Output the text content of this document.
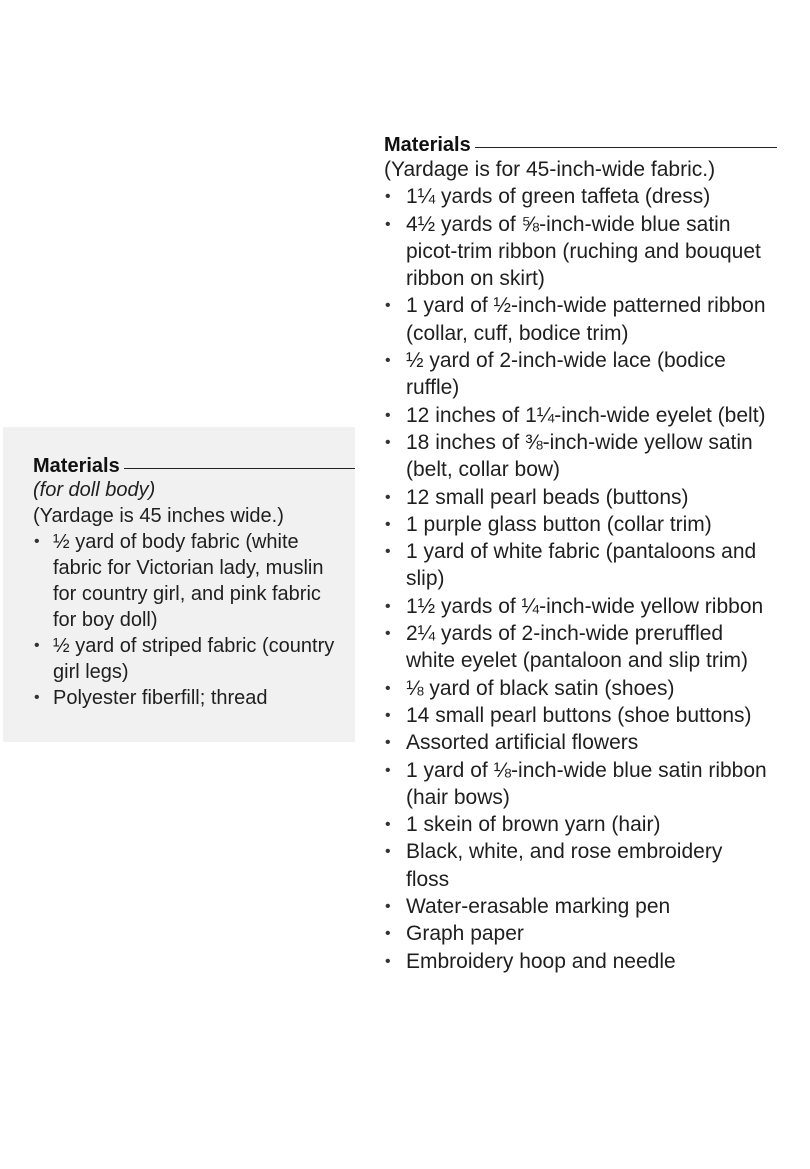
Materials
(for doll body)
(Yardage is 45 inches wide.)
• ½ yard of body fabric (white fabric for Victorian lady, muslin for country girl, and pink fabric for boy doll)
• ½ yard of striped fabric (country girl legs)
• Polyester fiberfill; thread
Materials
(Yardage is for 45-inch-wide fabric.)
• 1¼ yards of green taffeta (dress)
• 4½ yards of ⅝-inch-wide blue satin picot-trim ribbon (ruching and bouquet ribbon on skirt)
• 1 yard of ½-inch-wide patterned ribbon (collar, cuff, bodice trim)
• ½ yard of 2-inch-wide lace (bodice ruffle)
• 12 inches of 1¼-inch-wide eyelet (belt)
• 18 inches of ⅜-inch-wide yellow satin (belt, collar bow)
• 12 small pearl beads (buttons)
• 1 purple glass button (collar trim)
• 1 yard of white fabric (pantaloons and slip)
• 1½ yards of ¼-inch-wide yellow ribbon
• 2¼ yards of 2-inch-wide preruffled white eyelet (pantaloon and slip trim)
• ⅛ yard of black satin (shoes)
• 14 small pearl buttons (shoe buttons)
• Assorted artificial flowers
• 1 yard of ⅛-inch-wide blue satin ribbon (hair bows)
• 1 skein of brown yarn (hair)
• Black, white, and rose embroidery floss
• Water-erasable marking pen
• Graph paper
• Embroidery hoop and needle
